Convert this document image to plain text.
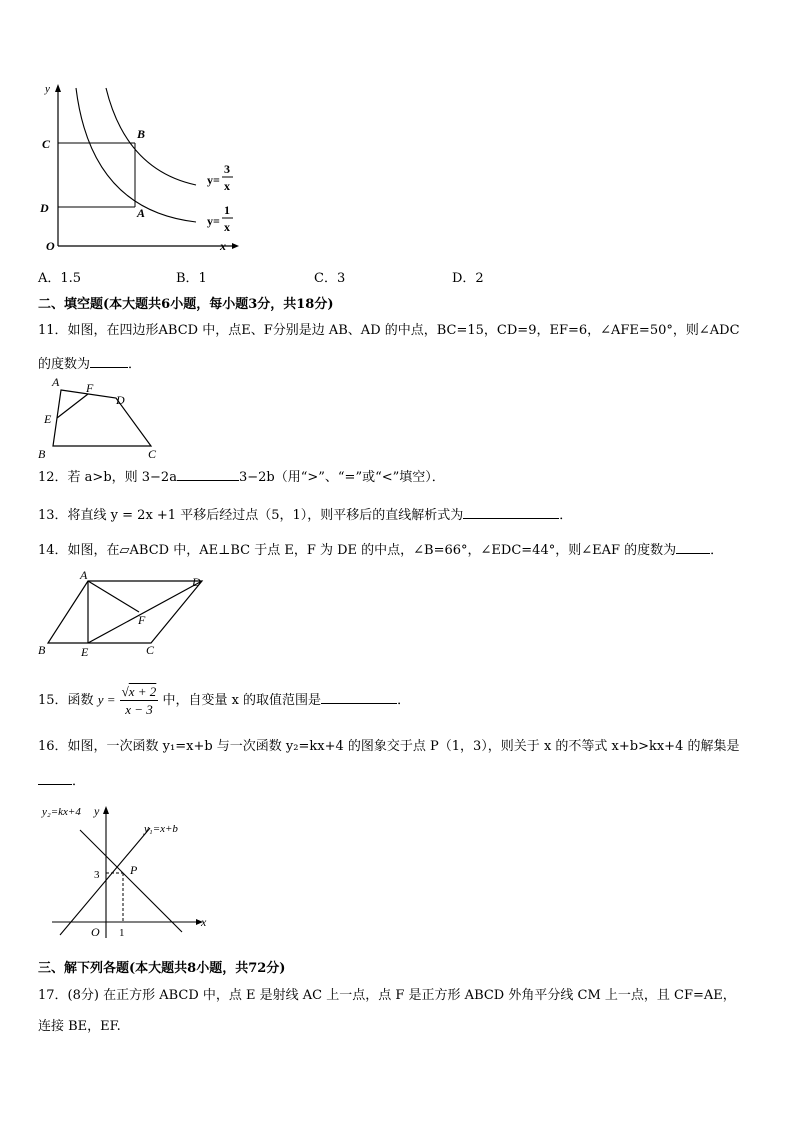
y
x
O
C
D
B
A
y=
3
x
y=
1
x
A．1.5	B．1	C．3	D．2
二、填空题(本大题共6小题，每小题3分，共18分)
11．如图，在四边形ABCD 中，点E、F分别是边 AB、AD 的中点，BC=15，CD=9，EF=6，∠AFE=50°，则∠ADC
的度数为	．
A F
D
E
B	C
12．若 a>b，则 3−2a	3−2b（用“>”、“=”或“<”填空）．
13．将直线 y = 2x +1 平移后经过点（5，1），则平移后的直线解析式为	．
14．如图，在▱ABCD 中，AE⊥BC 于点 E，F 为 DE 的中点，∠B=66°，∠EDC=44°，则∠EAF 的度数为	．
A	D
F
B	E	C
15．函数 $y = \frac{√x + 2}{x - 3}$ 中，自变量 x 的取值范围是	．
16．如图，一次函数 y₁=x+b 与一次函数 y₂=kx+4 的图象交于点 P（1，3），则关于 x 的不等式 x+b>kx+4 的解集是
．
y₂=kx+4 y
y₁=x+b
3	P
O 1
x
三、解下列各题(本大题共8小题，共72分)
17．(8分) 在正方形 ABCD 中，点 E 是射线 AC 上一点，点 F 是正方形 ABCD 外角平分线 CM 上一点，且 CF=AE，
连接 BE，EF.
